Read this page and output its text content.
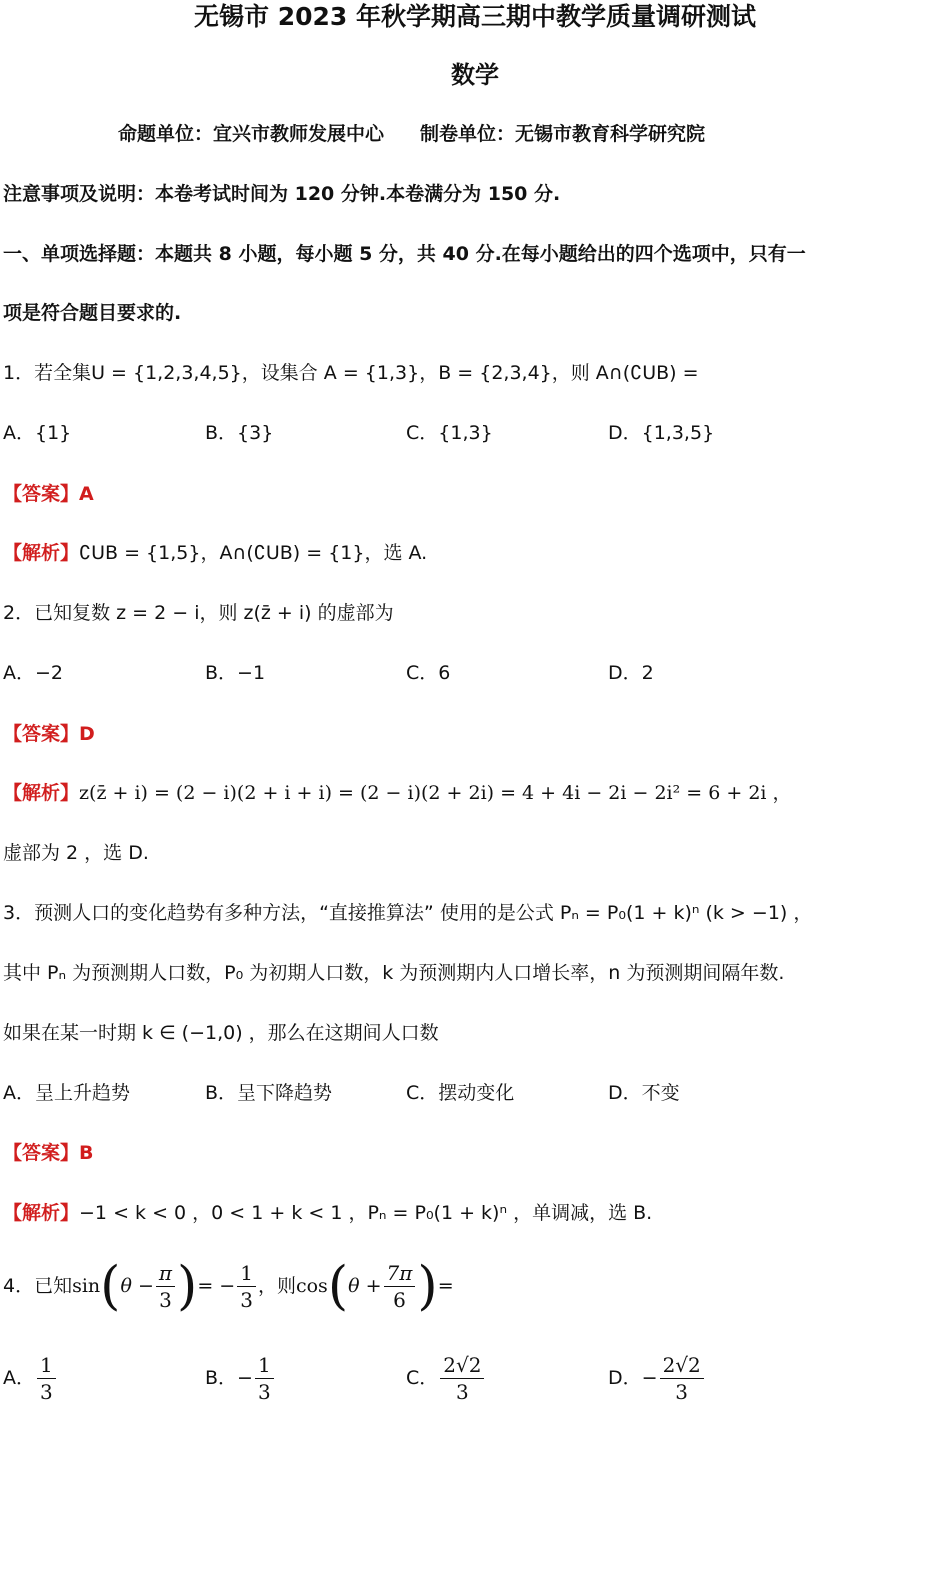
无锡市 2023 年秋学期高三期中教学质量调研测试
数学
命题单位：宜兴市教师发展中心 制卷单位：无锡市教育科学研究院
注意事项及说明：本卷考试时间为 120 分钟.本卷满分为 150 分.
一、单项选择题：本题共 8 小题，每小题 5 分，共 40 分.在每小题给出的四个选项中，只有一
项是符合题目要求的.
1．若全集U = {1,2,3,4,5}，设集合 A = {1,3}，B = {2,3,4}，则 A∩(∁UB) =
A．{1}	B．{3}	C．{1,3}	D．{1,3,5}
【答案】A
【解析】∁UB = {1,5}，A∩(∁UB) = {1}，选 A.
2．已知复数 z = 2 − i，则 z(z̄ + i) 的虚部为
A．−2	B．−1	C．6	D．2
【答案】D
【解析】z(z̄ + i) = (2 − i)(2 + i + i) = (2 − i)(2 + 2i) = 4 + 4i − 2i − 2i² = 6 + 2i ，
虚部为 2 ，选 D.
3．预测人口的变化趋势有多种方法，“直接推算法” 使用的是公式 Pₙ = P₀(1 + k)ⁿ (k > −1) ，
其中 Pₙ 为预测期人口数，P₀ 为初期人口数，k 为预测期内人口增长率，n 为预测期间隔年数.
如果在某一时期 k ∈ (−1,0) ，那么在这期间人口数
A．呈上升趋势	B．呈下降趋势	C．摆动变化	D．不变
【答案】B
【解析】−1 < k < 0 ，0 < 1 + k < 1 ，Pₙ = P₀(1 + k)ⁿ ，单调减，选 B.
4．已知$\sin(\theta - \frac{\pi}{3}$ )= − $\frac{1}{3}$ ，则$\cos(\theta + \frac{7\pi}{6}$ )=
A． $\frac{1}{3}$	B．− $\frac{1}{3}$	C． $\frac{2√2}{3}$	D．− $\frac{2√2}{3}$
